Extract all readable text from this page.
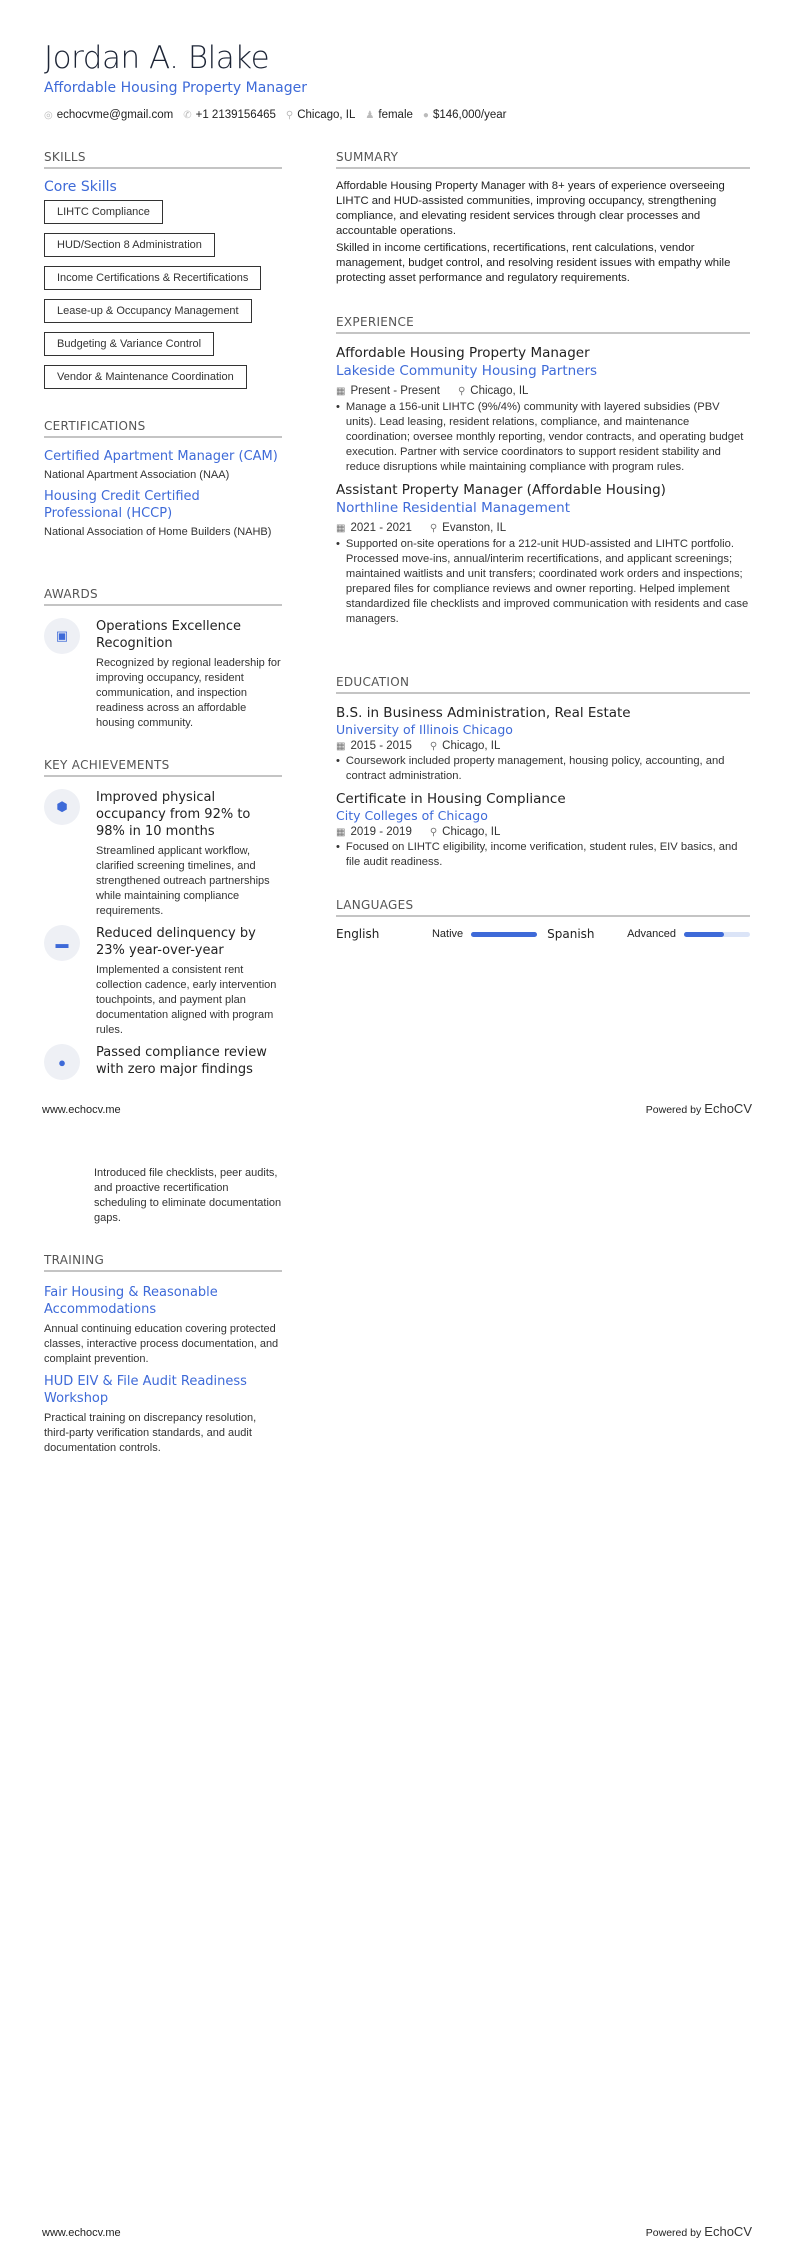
Jordan A. Blake
Affordable Housing Property Manager
◎ echocvme@gmail.com ✆ +1 2139156465 ⚲ Chicago, IL ♟ female ● $146,000/year
SKILLS
Core Skills
LIHTC Compliance
HUD/Section 8 Administration
Income Certifications & Recertifications
Lease-up & Occupancy Management
Budgeting & Variance Control
Vendor & Maintenance Coordination
CERTIFICATIONS
Certified Apartment Manager (CAM)
National Apartment Association (NAA)
Housing Credit Certified Professional (HCCP)
National Association of Home Builders (NAHB)
AWARDS
▣
Operations Excellence Recognition
Recognized by regional leadership for improving occupancy, resident communication, and inspection readiness across an affordable housing community.
KEY ACHIEVEMENTS
⬢
Improved physical occupancy from 92% to 98% in 10 months
Streamlined applicant workflow, clarified screening timelines, and strengthened outreach partnerships while maintaining compliance requirements.
▬
Reduced delinquency by 23% year-over-year
Implemented a consistent rent collection cadence, early intervention touchpoints, and payment plan documentation aligned with program rules.
●
Passed compliance review with zero major findings
SUMMARY
Affordable Housing Property Manager with 8+ years of experience overseeing LIHTC and HUD-assisted communities, improving occupancy, strengthening compliance, and elevating resident services through clear processes and accountable operations.
Skilled in income certifications, recertifications, rent calculations, vendor management, budget control, and resolving resident issues with empathy while protecting asset performance and regulatory requirements.
EXPERIENCE
Affordable Housing Property Manager
Lakeside Community Housing Partners
▦ Present - Present ⚲ Chicago, IL
• Manage a 156-unit LIHTC (9%/4%) community with layered subsidies (PBV units). Lead leasing, resident relations, compliance, and maintenance coordination; oversee monthly reporting, vendor contracts, and operating budget execution. Partner with service coordinators to support resident stability and reduce disruptions while maintaining compliance with program rules.
Assistant Property Manager (Affordable Housing)
Northline Residential Management
▦ 2021 - 2021 ⚲ Evanston, IL
• Supported on-site operations for a 212-unit HUD-assisted and LIHTC portfolio. Processed move-ins, annual/interim recertifications, and applicant screenings; maintained waitlists and unit transfers; coordinated work orders and inspections; prepared files for compliance reviews and owner reporting. Helped implement standardized file checklists and improved communication with residents and case managers.
EDUCATION
B.S. in Business Administration, Real Estate
University of Illinois Chicago
▦ 2015 - 2015 ⚲ Chicago, IL
• Coursework included property management, housing policy, accounting, and contract administration.
Certificate in Housing Compliance
City Colleges of Chicago
▦ 2019 - 2019 ⚲ Chicago, IL
• Focused on LIHTC eligibility, income verification, student rules, EIV basics, and file audit readiness.
LANGUAGES
English	Native	Spanish	Advanced
www.echocv.me	Powered by EchoCV
Introduced file checklists, peer audits, and proactive recertification scheduling to eliminate documentation gaps.
TRAINING
Fair Housing & Reasonable Accommodations
Annual continuing education covering protected classes, interactive process documentation, and complaint prevention.
HUD EIV & File Audit Readiness Workshop
Practical training on discrepancy resolution, third-party verification standards, and audit documentation controls.
www.echocv.me	Powered by EchoCV
